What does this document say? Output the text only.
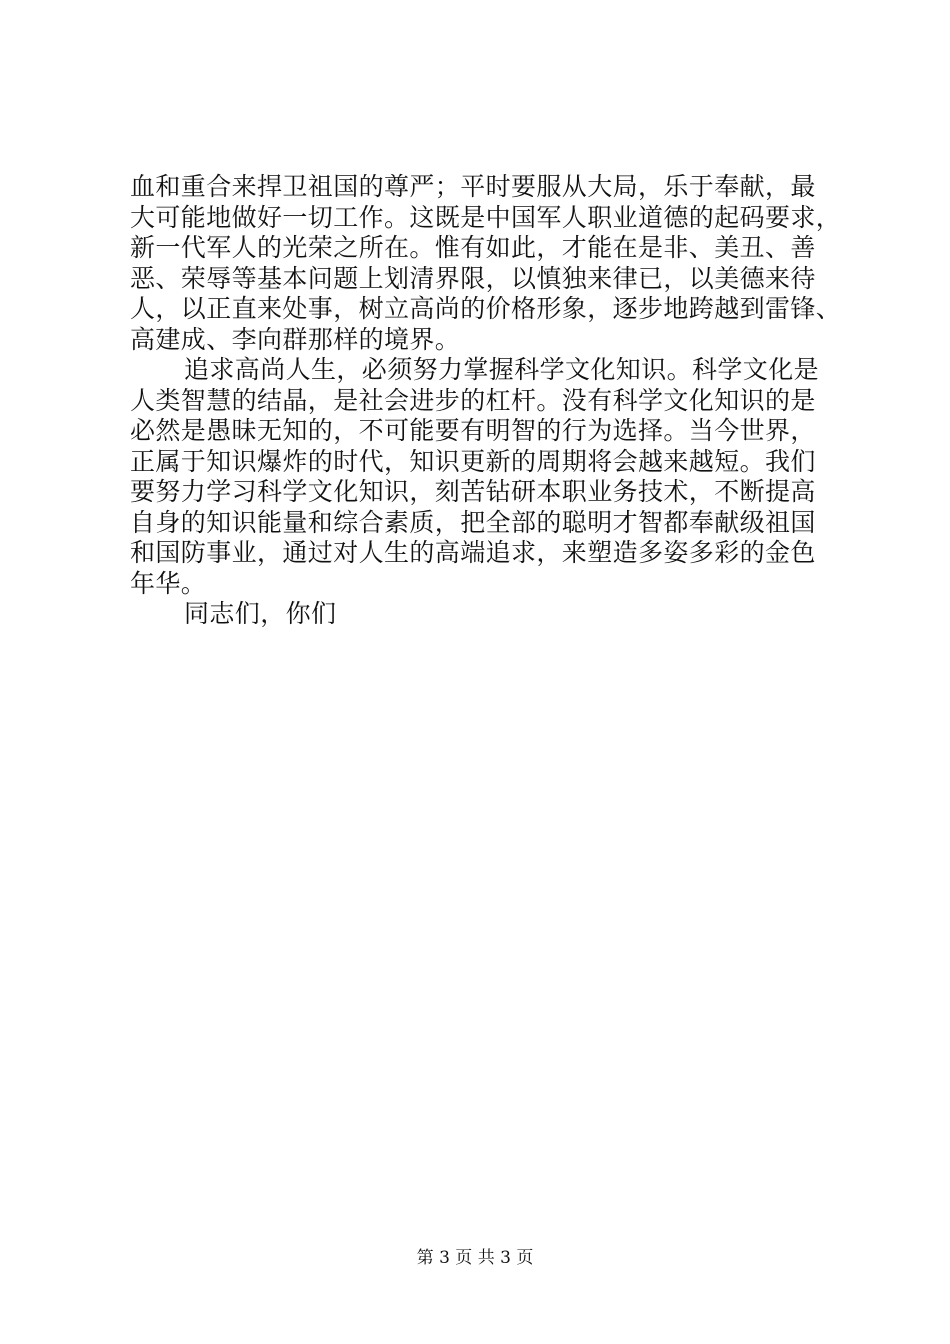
血和重合来捍卫祖国的尊严；平时要服从大局，乐于奉献，最
大可能地做好一切工作。这既是中国军人职业道德的起码要求，
新一代军人的光荣之所在。惟有如此，才能在是非、美丑、善
恶、荣辱等基本问题上划清界限，以慎独来律已，以美德来待
人，以正直来处事，树立高尚的价格形象，逐步地跨越到雷锋、
高建成、李向群那样的境界。
追求高尚人生，必须努力掌握科学文化知识。科学文化是
人类智慧的结晶，是社会进步的杠杆。没有科学文化知识的是
必然是愚昧无知的，不可能要有明智的行为选择。当今世界，
正属于知识爆炸的时代，知识更新的周期将会越来越短。我们
要努力学习科学文化知识，刻苦钻研本职业务技术，不断提高
自身的知识能量和综合素质，把全部的聪明才智都奉献级祖国
和国防事业，通过对人生的高端追求，来塑造多姿多彩的金色
年华。
同志们，你们
第 3 页 共 3 页
